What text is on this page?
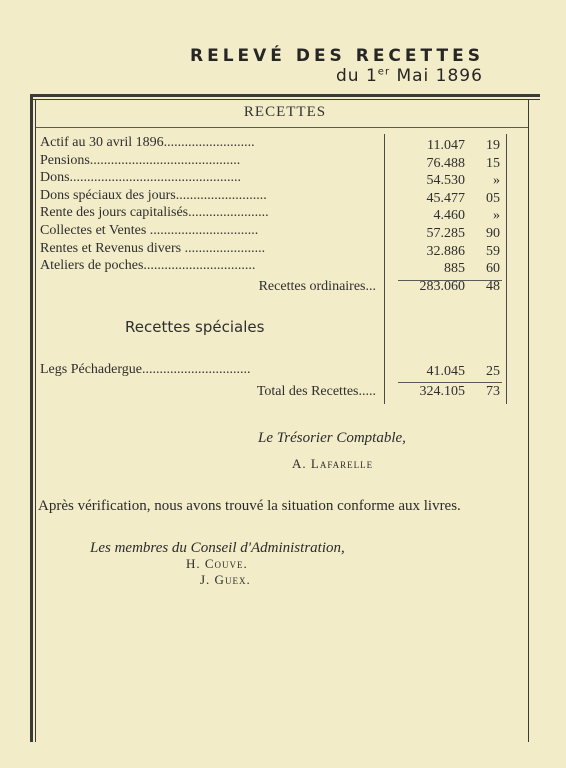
RELEVÉ DES RECETTES
du 1er Mai 1896
RECETTES
Actif au 30 avril 1896..........................	11.047	19
Pensions...........................................	76.488	15
Dons.................................................	54.530	»
Dons spéciaux des jours..........................	45.477	05
Rente des jours capitalisés.......................	4.460	»
Collectes et Ventes ...............................	57.285	90
Rentes et Revenus divers .......................	32.886	59
Ateliers de poches................................	885	60
Recettes ordinaires...	283.060	48
Recettes spéciales
Legs Péchadergue...............................	41.045	25
Total des Recettes.....	324.105	73
Le Trésorier Comptable,
A. Lafarelle
Après vérification, nous avons trouvé la situation conforme aux livres.
Les membres du Conseil d'Administration,
H. Couve.
J. Guex.
